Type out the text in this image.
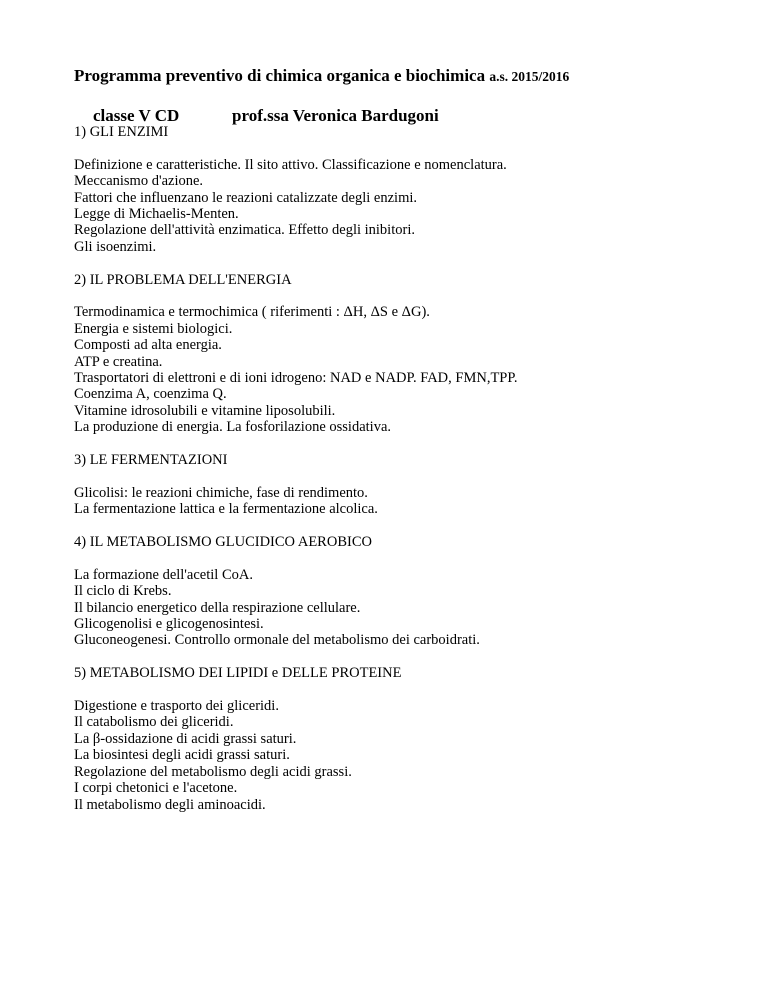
Programma preventivo di chimica organica e biochimica a.s. 2015/2016
classe V CD	prof.ssa Veronica Bardugoni

1) GLI ENZIMI

Definizione e caratteristiche. Il sito attivo. Classificazione e nomenclatura.
Meccanismo d'azione.
Fattori che influenzano le reazioni catalizzate degli enzimi.
Legge di Michaelis-Menten.
Regolazione dell'attività enzimatica. Effetto degli inibitori.
Gli isoenzimi.

2) IL PROBLEMA DELL'ENERGIA

Termodinamica e termochimica ( riferimenti : ΔH, ΔS e ΔG).
Energia e sistemi biologici.
Composti ad alta energia.
ATP e creatina.
Trasportatori di elettroni e di ioni idrogeno: NAD e NADP. FAD, FMN,TPP.
Coenzima A, coenzima Q.
Vitamine idrosolubili e vitamine liposolubili.
La produzione di energia. La fosforilazione ossidativa.

3) LE FERMENTAZIONI

Glicolisi: le reazioni chimiche, fase di rendimento.
La fermentazione lattica e la fermentazione alcolica.

4) IL METABOLISMO GLUCIDICO AEROBICO

La formazione dell'acetil CoA.
Il ciclo di Krebs.
Il bilancio energetico della respirazione cellulare.
Glicogenolisi e glicogenosintesi.
Gluconeogenesi. Controllo ormonale del metabolismo dei carboidrati.

5) METABOLISMO DEI LIPIDI e DELLE PROTEINE

Digestione e trasporto dei gliceridi.
Il catabolismo dei gliceridi.
La β-ossidazione di acidi grassi saturi.
La biosintesi degli acidi grassi saturi.
Regolazione del metabolismo degli acidi grassi.
I corpi chetonici e l'acetone.
Il metabolismo degli aminoacidi.
